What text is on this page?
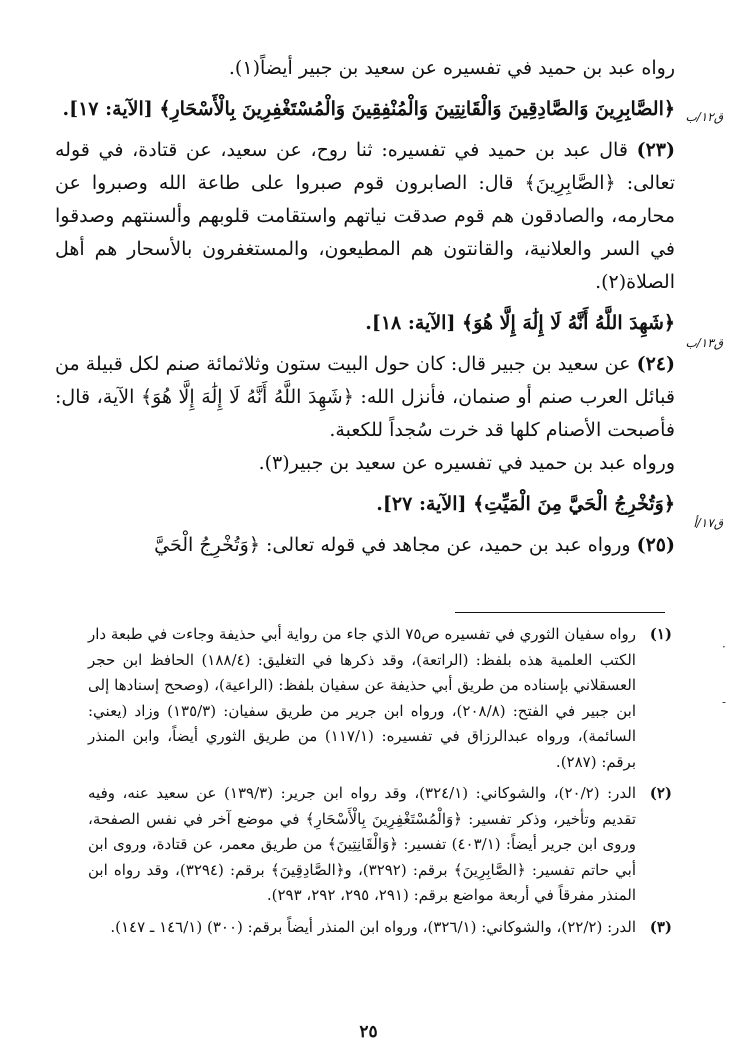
رواه عبد بن حميد في تفسيره عن سعيد بن جبير أيضاً(١).

﴿الصَّابِرِينَ وَالصَّادِقِينَ وَالْقَانِتِينَ وَالْمُنْفِقِينَ وَالْمُسْتَغْفِرِينَ بِالْأَسْحَارِ﴾ [الآية: ١٧].

(٢٣) قال عبد بن حميد في تفسيره: ثنا روح، عن سعيد، عن قتادة، في قوله تعالى: ﴿الصَّابِرِينَ﴾ قال: الصابرون قوم صبروا على طاعة الله وصبروا عن محارمه، والصادقون هم قوم صدقت نياتهم واستقامت قلوبهم وألسنتهم وصدقوا في السر والعلانية، والقانتون هم المطيعون، والمستغفرون بالأسحار هم أهل الصلاة(٢).

﴿شَهِدَ اللَّهُ أَنَّهُ لَا إِلَٰهَ إِلَّا هُوَ﴾ [الآية: ١٨].

(٢٤) عن سعيد بن جبير قال: كان حول البيت ستون وثلاثمائة صنم لكل قبيلة من قبائل العرب صنم أو صنمان، فأنزل الله: ﴿شَهِدَ اللَّهُ أَنَّهُ لَا إِلَٰهَ إِلَّا هُوَ﴾ الآية، قال: فأصبحت الأصنام كلها قد خرت سُجداً للكعبة.

ورواه عبد بن حميد في تفسيره عن سعيد بن جبير(٣).

﴿وَتُخْرِجُ الْحَيَّ مِنَ الْمَيِّتِ﴾ [الآية: ٢٧].

(٢٥) ورواه عبد بن حميد، عن مجاهد في قوله تعالى: ﴿وَتُخْرِجُ الْحَيَّ

ق١٢/ب
ق١٣/ب
ق١٧/أ
·
-
(١)
رواه سفيان الثوري في تفسيره ص٧٥ الذي جاء من رواية أبي حذيفة وجاءت في طبعة دار الكتب العلمية هذه بلفظ: (الراتعة)، وقد ذكرها في التغليق: (١٨٨/٤) الحافظ ابن حجر العسقلاني بإسناده من طريق أبي حذيفة عن سفيان بلفظ: (الراعية)، (وصحح إسنادها إلى ابن جبير في الفتح: (٢٠٨/٨)، ورواه ابن جرير من طريق سفيان: (١٣٥/٣) وزاد (يعني: السائمة)، ورواه عبدالرزاق في تفسيره: (١١٧/١) من طريق الثوري أيضاً، وابن المنذر برقم: (٢٨٧).
(٢)
الدر: (٢٠/٢)، والشوكاني: (٣٢٤/١)، وقد رواه ابن جرير: (١٣٩/٣) عن سعيد عنه، وفيه تقديم وتأخير، وذكر تفسير: ﴿وَالْمُسْتَغْفِرِينَ بِالْأَسْحَارِ﴾ في موضع آخر في نفس الصفحة، وروى ابن جرير أيضاً: (٤٠٣/١) تفسير: ﴿وَالْقَانِتِينَ﴾ من طريق معمر، عن قتادة، وروى ابن أبي حاتم تفسير: ﴿الصَّابِرِينَ﴾ برقم: (٣٢٩٢)، و﴿الصَّادِقِينَ﴾ برقم: (٣٢٩٤)، وقد رواه ابن المنذر مفرقاً في أربعة مواضع برقم: (٢٩١، ٢٩٥، ٢٩٢، ٢٩٣).
(٣)
الدر: (٢٢/٢)، والشوكاني: (٣٢٦/١)، ورواه ابن المنذر أيضاً برقم: (٣٠٠) (١٤٦/١ ـ ١٤٧).
٢٥
